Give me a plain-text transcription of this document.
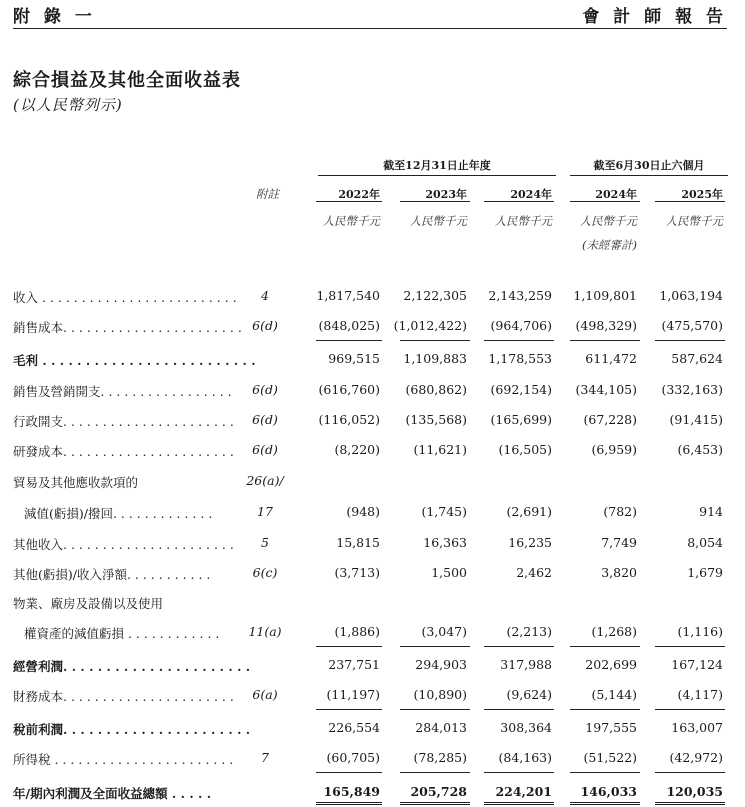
附 錄 一	會 計 師 報 告
綜合損益及其他全面收益表
(以人民幣列示)
截至12月31日止年度	截至6月30日止六個月
附註	2022年	2023年	2024年	2024年	2025年
人民幣千元	人民幣千元	人民幣千元	人民幣千元	人民幣千元
(未經審計)
收入 . . . . . . . . . . . . . . . . . . . . . . . . .	4	1,817,540	2,122,305	2,143,259	1,109,801	1,063,194
銷售成本. . . . . . . . . . . . . . . . . . . . . . . 6(d)	(848,025)	(1,012,422)	(964,706)	(498,329)	(475,570)
毛利 . . . . . . . . . . . . . . . . . . . . . . . . .	969,515	1,109,883	1,178,553	611,472	587,624
銷售及營銷開支. . . . . . . . . . . . . . . . .	6(d)	(616,760)	(680,862)	(692,154)	(344,105)	(332,163)
行政開支. . . . . . . . . . . . . . . . . . . . . .	6(d)	(116,052)	(135,568)	(165,699)	(67,228)	(91,415)
研發成本. . . . . . . . . . . . . . . . . . . . . .	6(d)	(8,220)	(11,621)	(16,505)	(6,959)	(6,453)
貿易及其他應收款項的	26(a)/
減值(虧損)/撥回. . . . . . . . . . . . .	17	(948)	(1,745)	(2,691)	(782)	914
其他收入. . . . . . . . . . . . . . . . . . . . . .	5	15,815	16,363	16,235	7,749	8,054
其他(虧損)/收入淨額. . . . . . . . . . .	6(c)	(3,713)	1,500	2,462	3,820	1,679
物業、廠房及設備以及使用
權資產的減值虧損 . . . . . . . . . . . . 11(a)	(1,886)	(3,047)	(2,213)	(1,268)	(1,116)
經營利潤. . . . . . . . . . . . . . . . . . . . . .	237,751	294,903	317,988	202,699	167,124
財務成本. . . . . . . . . . . . . . . . . . . . . .	6(a)	(11,197)	(10,890)	(9,624)	(5,144)	(4,117)
稅前利潤. . . . . . . . . . . . . . . . . . . . . .	226,554	284,013	308,364	197,555	163,007
所得稅 . . . . . . . . . . . . . . . . . . . . . . .	7	(60,705)	(78,285)	(84,163)	(51,522)	(42,972)
年/期內利潤及全面收益總額 . . . . .	165,849	205,728	224,201	146,033	120,035
